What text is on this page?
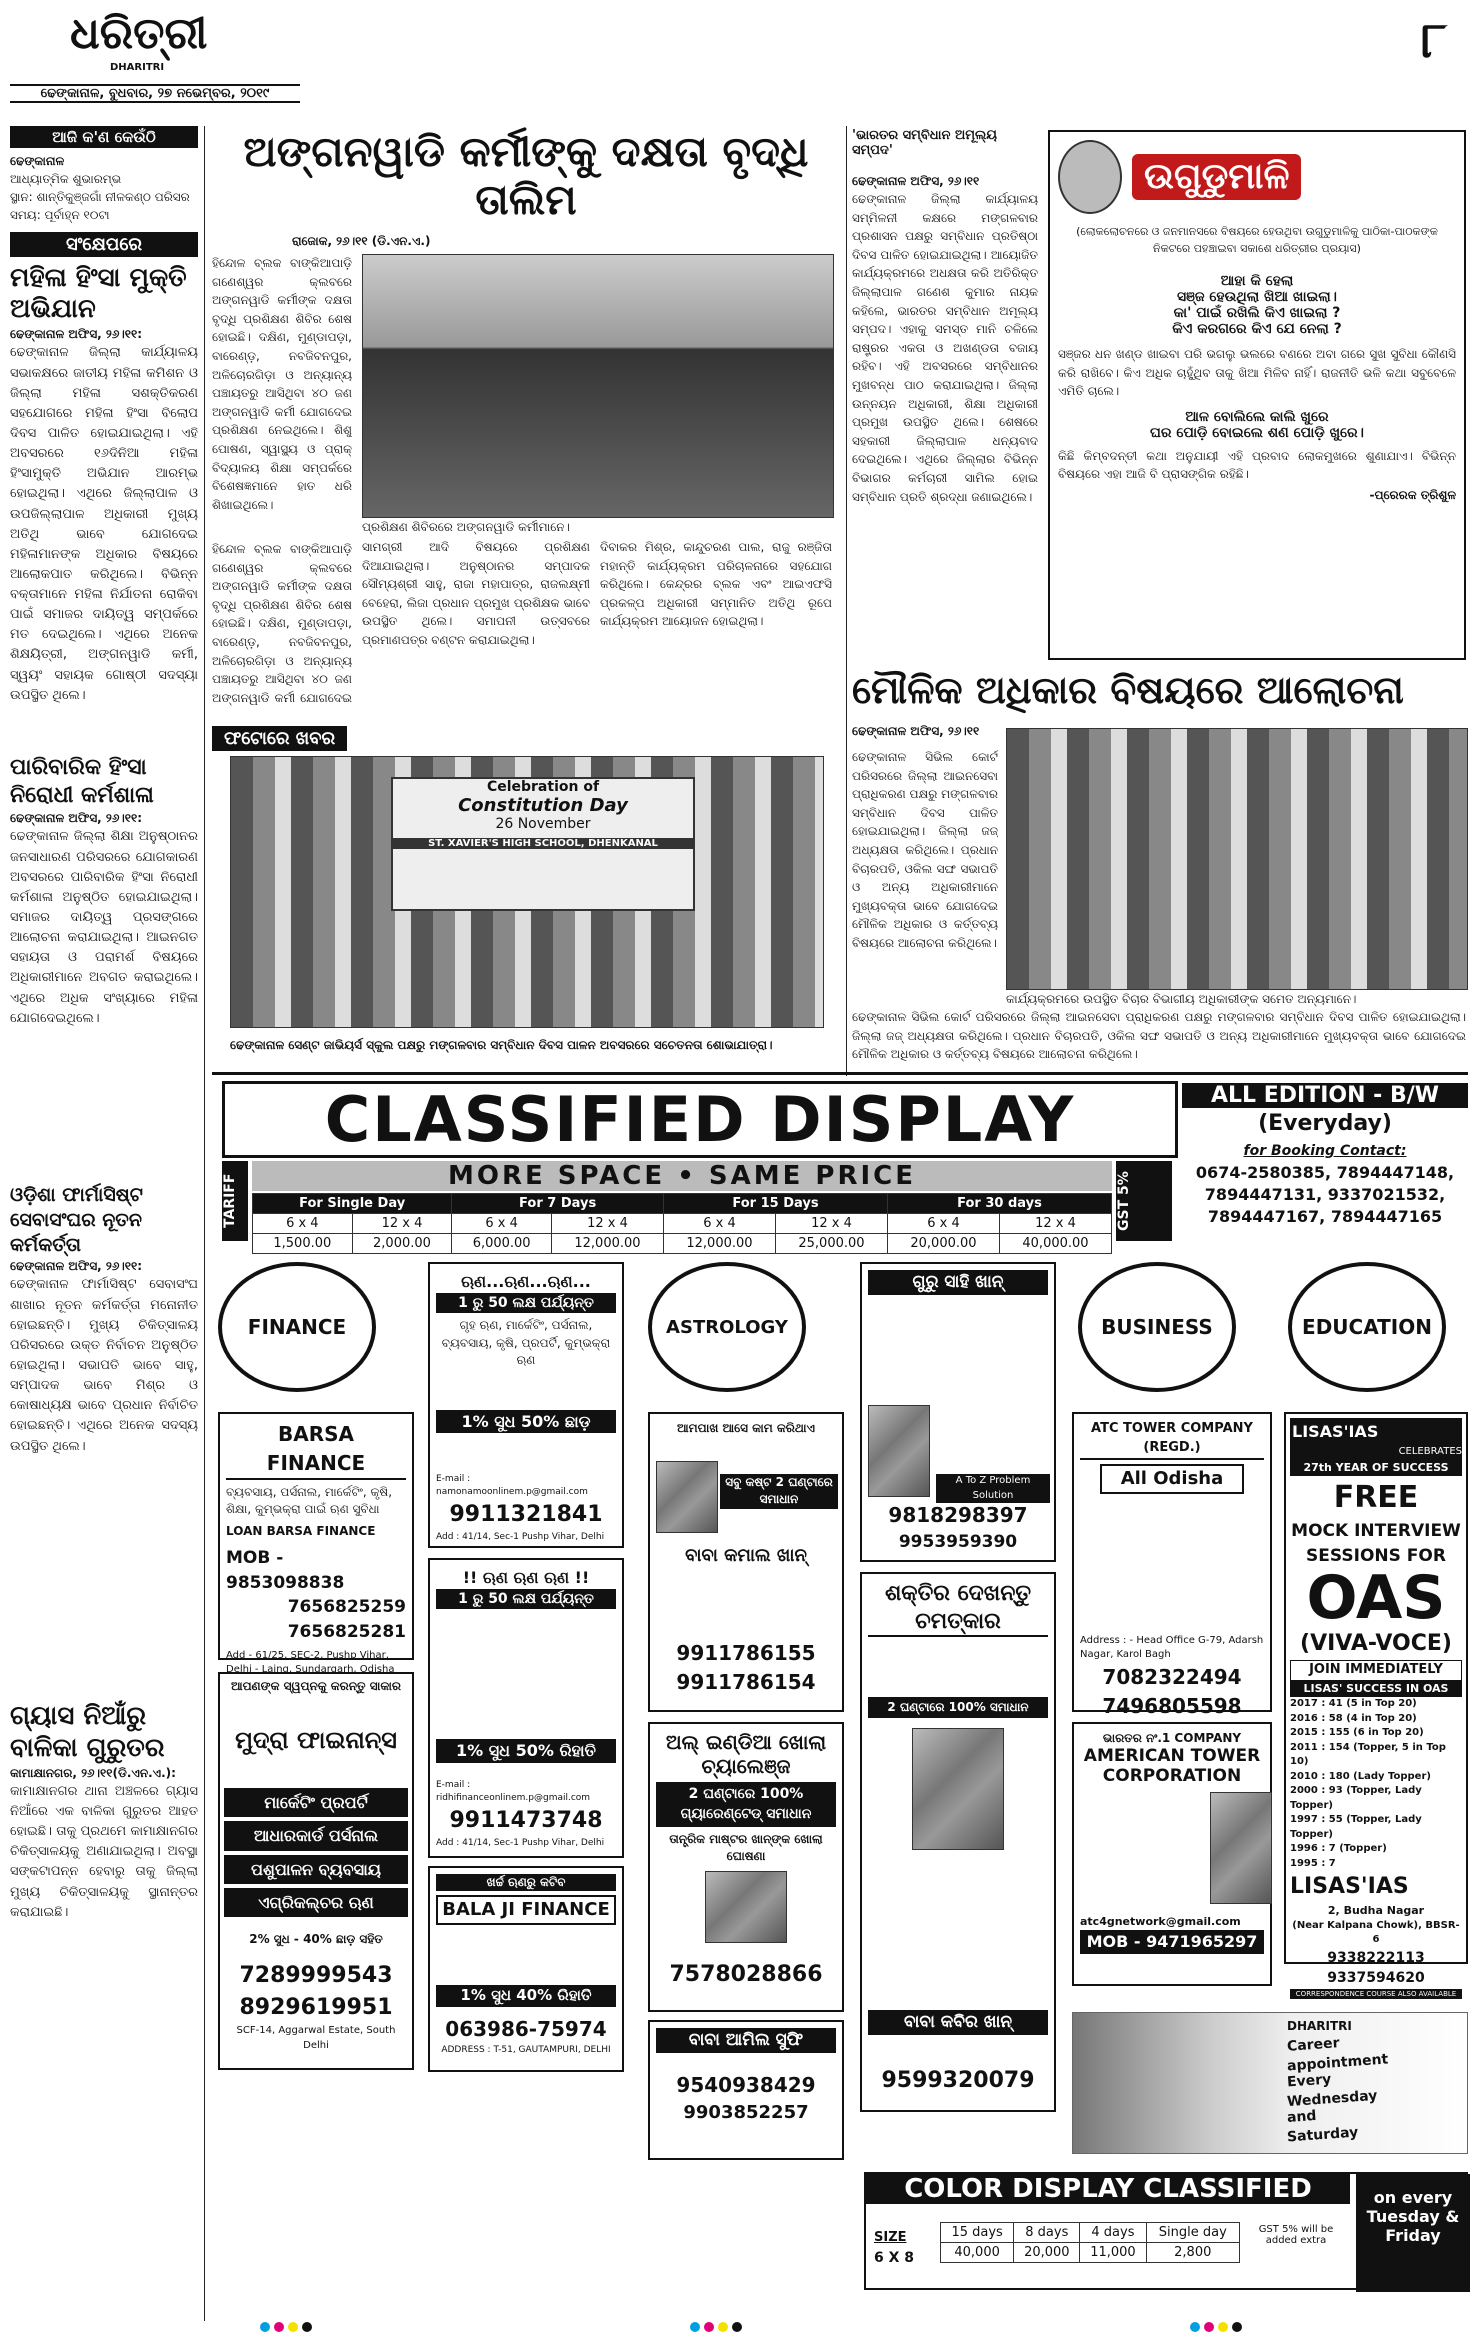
ଧରିତ୍ରୀ
DHARITRI
ଢେଙ୍କାନାଳ, ବୁଧବାର, ୨୭ ନଭେମ୍ବର, ୨୦୧୯
୮
ଆଜି କ'ଣ କେଉଁଠି
ଢେଙ୍କାନାଳ
ଆଧ୍ୟାତ୍ମିକ ଶୁଭାରମ୍ଭ
ସ୍ଥାନ: ଶାନ୍ତିକୁଞ୍ଜଗାଁ ନୀଳକଣ୍ଠ ପରିସର
ସମୟ: ପୂର୍ବାହ୍ନ ୧୦ଟା
ସଂକ୍ଷେପରେ
ମହିଳା ହିଂସା ମୁକ୍ତି ଅଭିଯାନ
ଢେଙ୍କାନାଳ ଅଫିସ, ୨୬।୧୧:
ଢେଙ୍କାନାଳ ଜିଲ୍ଲା କାର୍ଯ୍ୟାଳୟ ସଭାକକ୍ଷରେ ଜାତୀୟ ମହିଳା କମିଶନ ଓ ଜିଲ୍ଲା ମହିଳା ସଶକ୍ତିକରଣ ସହଯୋଗରେ ମହିଳା ହିଂସା ବିଲୋପ ଦିବସ ପାଳିତ ହୋଇଯାଇଥିଲା। ଏହି ଅବସରରେ ୧୬ଦିନିଆ ମହିଳା ହିଂସାମୁକ୍ତି ଅଭିଯାନ ଆରମ୍ଭ ହୋଇଥିଲା। ଏଥିରେ ଜିଲ୍ଲାପାଳ ଓ ଉପଜିଲ୍ଲାପାଳ ଅଧିକାରୀ ମୁଖ୍ୟ ଅତିଥି ଭାବେ ଯୋଗଦେଇ ମହିଳାମାନଙ୍କ ଅଧିକାର ବିଷୟରେ ଆଲୋକପାତ କରିଥିଲେ। ବିଭିନ୍ନ ବକ୍ତାମାନେ ମହିଳା ନିର୍ଯାତନା ରୋକିବା ପାଇଁ ସମାଜର ଦାୟିତ୍ୱ ସମ୍ପର୍କରେ ମତ ଦେଇଥିଲେ। ଏଥିରେ ଅନେକ ଶିକ୍ଷୟିତ୍ରୀ, ଅଙ୍ଗନୱାଡି କର୍ମୀ, ସ୍ୱୟଂ ସହାୟକ ଗୋଷ୍ଠୀ ସଦସ୍ୟା ଉପସ୍ଥିତ ଥିଲେ।
ପାରିବାରିକ ହିଂସା ନିରୋଧୀ କର୍ମଶାଳା
ଢେଙ୍କାନାଳ ଅଫିସ, ୨୬।୧୧:
ଢେଙ୍କାନାଳ ଜିଲ୍ଲା ଶିକ୍ଷା ଅନୁଷ୍ଠାନର ଜନସାଧାରଣ ପରିସରରେ ଯୋଗକାରଣ ଅବସରରେ ପାରିବାରିକ ହିଂସା ନିରୋଧୀ କର୍ମଶାଳା ଅନୁଷ୍ଠିତ ହୋଇଯାଇଥିଲା। ସମାଜର ଦାୟିତ୍ୱ ପ୍ରସଙ୍ଗରେ ଆଲୋଚନା କରାଯାଇଥିଲା। ଆଇନଗତ ସହାୟତା ଓ ପରାମର୍ଶ ବିଷୟରେ ଅଧିକାରୀମାନେ ଅବଗତ କରାଇଥିଲେ। ଏଥିରେ ଅଧିକ ସଂଖ୍ୟାରେ ମହିଳା ଯୋଗଦେଇଥିଲେ।
ଓଡ଼ିଶା ଫାର୍ମାସିଷ୍ଟ ସେବାସଂଘର ନୂତନ କର୍ମକର୍ତ୍ତା
ଢେଙ୍କାନାଳ ଅଫିସ, ୨୬।୧୧:
ଢେଙ୍କାନାଳ ଫାର୍ମାସିଷ୍ଟ ସେବାସଂଘ ଶାଖାର ନୂତନ କର୍ମକର୍ତ୍ତା ମନୋନୀତ ହୋଇଛନ୍ତି। ମୁଖ୍ୟ ଚିକିତ୍ସାଳୟ ପରିସରରେ ଉକ୍ତ ନିର୍ବାଚନ ଅନୁଷ୍ଠିତ ହୋଇଥିଲା। ସଭାପତି ଭାବେ ସାହୁ, ସମ୍ପାଦକ ଭାବେ ମିଶ୍ର ଓ କୋଷାଧ୍ୟକ୍ଷ ଭାବେ ପ୍ରଧାନ ନିର୍ବାଚିତ ହୋଇଛନ୍ତି। ଏଥିରେ ଅନେକ ସଦସ୍ୟ ଉପସ୍ଥିତ ଥିଲେ।
ଗ୍ୟାସ ନିଆଁରୁ ବାଳିକା ଗୁରୁତର
କାମାକ୍ଷାନଗର, ୨୬।୧୧(ଡି.ଏନ.ଏ.):
କାମାକ୍ଷାନଗର ଥାନା ଅଞ୍ଚଳରେ ଗ୍ୟାସ ନିଆଁରେ ଏକ ବାଳିକା ଗୁରୁତର ଆହତ ହୋଇଛି। ତାକୁ ପ୍ରଥମେ କାମାକ୍ଷାନଗର ଚିକିତ୍ସାଳୟକୁ ଅଣାଯାଇଥିଲା। ଅବସ୍ଥା ସଙ୍କଟାପନ୍ନ ହେବାରୁ ତାକୁ ଜିଲ୍ଲା ମୁଖ୍ୟ ଚିକିତ୍ସାଳୟକୁ ସ୍ଥାନାନ୍ତର କରାଯାଇଛି।
ଅଙ୍ଗନୱାଡି କର୍ମୀଙ୍କୁ ଦକ୍ଷତା ବୃଦ୍ଧି ତାଲିମ
ରାଜୋକ, ୨୬।୧୧ (ଡି.ଏନ.ଏ.)
ହିନ୍ଦୋଳ ବ୍ଲକ ବାଙ୍କିଆପାଡ଼ି ଗଣେଶ୍ୱର କ୍ଲବରେ ଅଙ୍ଗନୱାଡି କର୍ମୀଙ୍କ ଦକ୍ଷତା ବୃଦ୍ଧି ପ୍ରଶିକ୍ଷଣ ଶିବିର ଶେଷ ହୋଇଛି। ଦକ୍ଷିଣ, ମୁଣ୍ଡାପଡ଼ା, ବାରେଣ୍ଡ଼, ନବଜିବନପୁର, ଅଳିଚୋରଗିଡ଼ା ଓ ଅନ୍ୟାନ୍ୟ ପଞ୍ଚାୟତରୁ ଆସିଥିବା ୪୦ ଜଣ ଅଙ୍ଗନୱାଡି କର୍ମୀ ଯୋଗଦେଇ ପ୍ରଶିକ୍ଷଣ ନେଇଥିଲେ। ଶିଶୁ ପୋଷଣ, ସ୍ୱାସ୍ଥ୍ୟ ଓ ପ୍ରାକ୍ ବିଦ୍ୟାଳୟ ଶିକ୍ଷା ସମ୍ପର୍କରେ ବିଶେଷଜ୍ଞମାନେ ହାତ ଧରି ଶିଖାଇଥିଲେ।
ପ୍ରଶିକ୍ଷଣ ଶିବିରରେ ଅଙ୍ଗନୱାଡି କର୍ମୀମାନେ।
ସାମଗ୍ରୀ ଆଦି ବିଷୟରେ ପ୍ରଶିକ୍ଷଣ ଦିଆଯାଇଥିଲା। ଅନୁଷ୍ଠାନର ସମ୍ପାଦକ ସୌମ୍ୟଶ୍ରୀ ସାହୁ, ରାଜା ମହାପାତ୍ର, ରାଜଲକ୍ଷ୍ମୀ ବେହେରା, ଲିଜା ପ୍ରଧାନ ପ୍ରମୁଖ ପ୍ରଶିକ୍ଷକ ଭାବେ ଉପସ୍ଥିତ ଥିଲେ। ସମାପନୀ ଉତ୍ସବରେ ପ୍ରମାଣପତ୍ର ବଣ୍ଟନ କରାଯାଇଥିଲା।
ଦିବାକର ମିଶ୍ର, କାନ୍ଦୁଚରଣ ପାଲ, ରାଜୁ ରଞ୍ଜିତା ମହାନ୍ତି କାର୍ଯ୍ୟକ୍ରମ ପରିଚାଳନାରେ ସହଯୋଗ କରିଥିଲେ। କେନ୍ଦ୍ରର ବ୍ଲକ ଏବଂ ଆଇଏଫସି ପ୍ରକଳ୍ପ ଅଧିକାରୀ ସମ୍ମାନିତ ଅତିଥି ରୂପେ କାର୍ଯ୍ୟକ୍ରମ ଆୟୋଜନ ହୋଇଥିଲା।
ହିନ୍ଦୋଳ ବ୍ଲକ ବାଙ୍କିଆପାଡ଼ି ଗଣେଶ୍ୱର କ୍ଲବରେ ଅଙ୍ଗନୱାଡି କର୍ମୀଙ୍କ ଦକ୍ଷତା ବୃଦ୍ଧି ପ୍ରଶିକ୍ଷଣ ଶିବିର ଶେଷ ହୋଇଛି। ଦକ୍ଷିଣ, ମୁଣ୍ଡାପଡ଼ା, ବାରେଣ୍ଡ଼, ନବଜିବନପୁର, ଅଳିଚୋରଗିଡ଼ା ଓ ଅନ୍ୟାନ୍ୟ ପଞ୍ଚାୟତରୁ ଆସିଥିବା ୪୦ ଜଣ ଅଙ୍ଗନୱାଡି କର୍ମୀ ଯୋଗଦେଇ
ଫଟୋରେ ଖବର
Celebration of
Constitution Day
26 November
ST. XAVIER'S HIGH SCHOOL, DHENKANAL
ଢେଙ୍କାନାଳ ସେଣ୍ଟ ଜାଭିୟର୍ସ ସ୍କୁଲ ପକ୍ଷରୁ ମଙ୍ଗଳବାର ସମ୍ବିଧାନ ଦିବସ ପାଳନ ଅବସରରେ ସଚେତନତା ଶୋଭାଯାତ୍ରା।
'ଭାରତର ସମ୍ବିଧାନ ଅମୂଲ୍ୟ ସମ୍ପଦ'
ଢେଙ୍କାନାଳ ଅଫିସ, ୨୬।୧୧
ଢେଙ୍କାନାଳ ଜିଲ୍ଲା କାର୍ଯ୍ୟାଳୟ ସମ୍ମିଳନୀ କକ୍ଷରେ ମଙ୍ଗଳବାର ପ୍ରଶାସନ ପକ୍ଷରୁ ସମ୍ବିଧାନ ପ୍ରତିଷ୍ଠା ଦିବସ ପାଳିତ ହୋଇଯାଇଥିଲା। ଆୟୋଜିତ କାର୍ଯ୍ୟକ୍ରମରେ ଅଧକ୍ଷତା କରି ଅତିରିକ୍ତ ଜିଲ୍ଲାପାଳ ଗଣେଶ କୁମାର ନାୟକ କହିଲେ, ଭାରତର ସମ୍ବିଧାନ ଅମୂଲ୍ୟ ସମ୍ପଦ। ଏହାକୁ ସମସ୍ତ ମାନି ଚଳିଲେ ରାଷ୍ଟ୍ରର ଏକତା ଓ ଅଖଣ୍ଡତା ବଜାୟ ରହିବ। ଏହି ଅବସରରେ ସମ୍ବିଧାନର ମୁଖବନ୍ଧ ପାଠ କରାଯାଇଥିଲା। ଜିଲ୍ଲା ଉନ୍ନୟନ ଅଧିକାରୀ, ଶିକ୍ଷା ଅଧିକାରୀ ପ୍ରମୁଖ ଉପସ୍ଥିତ ଥିଲେ। ଶେଷରେ ସହକାରୀ ଜିଲ୍ଲାପାଳ ଧନ୍ୟବାଦ ଦେଇଥିଲେ। ଏଥିରେ ଜିଲ୍ଲାର ବିଭିନ୍ନ ବିଭାଗର କର୍ମଚାରୀ ସାମିଲ ହୋଇ ସମ୍ବିଧାନ ପ୍ରତି ଶ୍ରଦ୍ଧା ଜଣାଇଥିଲେ।
ଉଗୁଡୁମାଳି
(ଲୋକଲୋଚନରେ ଓ ଜନମାନସରେ ବିଷୟରେ ହେଉଥିବା ଉଗୁଡୁମାଳିକୁ ପାଠିକା-ପାଠକଙ୍କ ନିକଟରେ ପହଞ୍ଚାଇବା ସକାଶେ ଧରିତ୍ରୀର ପ୍ରୟାସ)
ଆହା କି ହେଲା
ସଞ୍ଜ ହେଉଥିଲା ଖିଆ ଖାଇଲା।
କା' ପାଇଁ ରଖିଲି କିଏ ଖାଇଲା ?
କିଏ କରଗରେ କିଏ ଯେ ନେଲା ?
ସଞ୍ଜର ଧନ ଖଣ୍ଡ ଖାଇବା ପରି ଭଗଲୁ ଭଲରେ ବଣରେ ଅବା ଗରେ ସୁଖ ସୁବିଧା କୌଣସି କରି ରାଖିବେ। କିଏ ଅଧିକ ଚାହୁଁଥିବ ତାକୁ ଖିଆ ମିଳିବ ନାହିଁ। ରାଜନୀତି ଭଳି କଥା ସବୁବେଳେ ଏମିତି ଚାଲେ।
ଆଳ ବୋଲିଲେ କାଲି ଖୁରେ
ଘର ପୋଡ଼ି ବୋଇଲେ ଶଣ ପୋଡ଼ି ଖୁରେ।
କିଛି କିମ୍ବଦନ୍ତୀ କଥା ଅନୁଯାୟୀ ଏହି ପ୍ରବାଦ ଲୋକମୁଖରେ ଶୁଣାଯାଏ। ବିଭିନ୍ନ ବିଷୟରେ ଏହା ଆଜି ବି ପ୍ରାସଙ୍ଗିକ ରହିଛି।
-ପ୍ରେରକ ତ୍ରିଶୁଳ
ମୌଳିକ ଅଧିକାର ବିଷୟରେ ଆଲୋଚନା
ଢେଙ୍କାନାଳ ଅଫିସ, ୨୬।୧୧
ଢେଙ୍କାନାଳ ସିଭିଲ କୋର୍ଟ ପରିସରରେ ଜିଲ୍ଲା ଆଇନସେବା ପ୍ରାଧିକରଣ ପକ୍ଷରୁ ମଙ୍ଗଳବାର ସମ୍ବିଧାନ ଦିବସ ପାଳିତ ହୋଇଯାଇଥିଲା। ଜିଲ୍ଲା ଜଜ୍ ଅଧ୍ୟକ୍ଷତା କରିଥିଲେ। ପ୍ରଧାନ ବିଚାରପତି, ଓକିଲ ସଙ୍ଘ ସଭାପତି ଓ ଅନ୍ୟ ଅଧିକାରୀମାନେ ମୁଖ୍ୟବକ୍ତା ଭାବେ ଯୋଗଦେଇ ମୌଳିକ ଅଧିକାର ଓ କର୍ତ୍ତବ୍ୟ ବିଷୟରେ ଆଲୋଚନା କରିଥିଲେ।
କାର୍ଯ୍ୟକ୍ରମରେ ଉପସ୍ଥିତ ବିଚାର ବିଭାଗୀୟ ଅଧିକାରୀଙ୍କ ସମେତ ଅନ୍ୟମାନେ।
ଢେଙ୍କାନାଳ ସିଭିଲ କୋର୍ଟ ପରିସରରେ ଜିଲ୍ଲା ଆଇନସେବା ପ୍ରାଧିକରଣ ପକ୍ଷରୁ ମଙ୍ଗଳବାର ସମ୍ବିଧାନ ଦିବସ ପାଳିତ ହୋଇଯାଇଥିଲା। ଜିଲ୍ଲା ଜଜ୍ ଅଧ୍ୟକ୍ଷତା କରିଥିଲେ। ପ୍ରଧାନ ବିଚାରପତି, ଓକିଲ ସଙ୍ଘ ସଭାପତି ଓ ଅନ୍ୟ ଅଧିକାରୀମାନେ ମୁଖ୍ୟବକ୍ତା ଭାବେ ଯୋଗଦେଇ ମୌଳିକ ଅଧିକାର ଓ କର୍ତ୍ତବ୍ୟ ବିଷୟରେ ଆଲୋଚନା କରିଥିଲେ।
CLASSIFIED DISPLAY	ALL EDITION - B/W
(Everyday)
for Booking Contact:
0674-2580385, 7894447148,
7894447131, 9337021532,
7894447167, 7894447165
TARIFF	MORE SPACE • SAME PRICE	GST 5%
For Single Day		For 7 Days		For 15 Days		For 30 days	
6 x 4	12 x 4	6 x 4	12 x 4	6 x 4	12 x 4	6 x 4	12 x 4
1,500.00	2,000.00	6,000.00	12,000.00	12,000.00	25,000.00	20,000.00	40,000.00
FINANCE	ASTROLOGY	BUSINESS	EDUCATION
BARSA FINANCE
ବ୍ୟବସାୟ, ପର୍ସନାଲ, ମାର୍କେଟିଂ, କୃଷି, ଶିକ୍ଷା, କୁମ୍ଭକ୍ରା ପାଇଁ ଋଣ ସୁବିଧା
LOAN BARSA FINANCE
MOB - 9853098838
7656825259
7656825281
Add - 61/25, SEC-2, Pushp Vihar, Delhi - Laing, Sundargarh, Odisha
ଆପଣଙ୍କ ସ୍ୱପ୍ନକୁ କରନ୍ତୁ ସାକାର
ମୁଦ୍ରା ଫାଇନାନ୍ସ
ମାର୍କେଟିଂ ପ୍ରପର୍ଟି
ଆଧାରକାର୍ଡ ପର୍ସନାଲ
ପଶୁପାଳନ ବ୍ୟବସାୟ
ଏଗ୍ରିକଲ୍ଚର ଋଣ
2% ସୁଧ - 40% ଛାଡ଼ ସହିତ
7289999543
8929619951
SCF-14, Aggarwal Estate, South Delhi
ଋଣ...ଋଣ...ଋଣ...
1 ରୁ 50 ଲକ୍ଷ ପର୍ଯ୍ୟନ୍ତ
ଗୃହ ଋଣ, ମାର୍କେଟିଂ, ପର୍ସନାଲ, ବ୍ୟବସାୟ, କୃଷି, ପ୍ରପର୍ଟି, କୁମ୍ଭକ୍ରା ଋଣ
1% ସୁଧ 50% ଛାଡ଼
E-mail : namonamoonlinem.p@gmail.com
9911321841
Add : 41/14, Sec-1 Pushp Vihar, Delhi
!! ଋଣ ଋଣ ଋଣ !!
1 ରୁ 50 ଲକ୍ଷ ପର୍ଯ୍ୟନ୍ତ
1% ସୁଧ 50% ରିହାତି
E-mail : ridhifinanceonlinem.p@gmail.com
9911473748
Add : 41/14, Sec-1 Pushp Vihar, Delhi
ଖର୍ଚ୍ଚ ଋଣରୁ କଟିବ
BALA JI FINANCE
1% ସୁଧ 40% ରିହାତି
063986-75974
ADDRESS : T-51, GAUTAMPURI, DELHI
ଆମପାଖ ଆସେ କାମ କରିଥାଏ
ସବୁ କଷ୍ଟ 2 ଘଣ୍ଟାରେ ସମାଧାନ
ବାବା କମାଲ ଖାନ୍
9911786155
9911786154
ଅଲ୍ ଇଣ୍ଡିଆ ଖୋଲା ଚ୍ୟାଲେଞ୍ଜ
2 ଘଣ୍ଟାରେ 100% ଗ୍ୟାରେଣ୍ଟେଡ୍ ସମାଧାନ
ତାନ୍ତ୍ରିକ ମାଷ୍ଟର ଖାନ୍ଙ୍କ ଖୋଲା ଘୋଷଣା
7578028866
ବାବା ଆମିଲ ସୁଫି
9540938429
9903852257
ଗୁରୁ ସାହି ଖାନ୍
A To Z Problem Solution
9818298397
9953959390
ଶକ୍ତିର ଦେଖନ୍ତୁ ଚମତ୍କାର
2 ଘଣ୍ଟାରେ 100% ସମାଧାନ
ବାବା କବିର ଖାନ୍
9599320079
ATC TOWER COMPANY (REGD.)
All Odisha
Address : - Head Office G-79, Adarsh Nagar, Karol Bagh
7082322494
7496805598
ଭାରତର ନଂ.1 COMPANY
AMERICAN TOWER CORPORATION
atc4gnetwork@gmail.com
MOB - 9471965297
LISAS'IAS
CELEBRATES
27th YEAR OF SUCCESS
FREE
MOCK INTERVIEW
SESSIONS FOR
OAS
(VIVA-VOCE)
JOIN IMMEDIATELY
LISAS' SUCCESS IN OAS
2017 : 41 (5 in Top 20)
2016 : 58 (4 in Top 20)
2015 : 155 (6 in Top 20)
2011 : 154 (Topper, 5 in Top 10)
2010 : 180 (Lady Topper)
2000 : 93 (Topper, Lady Topper)
1997 : 55 (Topper, Lady Topper)
1996 : 7 (Topper)
1995 : 7
LISAS'IAS
2, Budha Nagar
(Near Kalpana Chowk), BBSR-6
9338222113
9337594620
CORRESPONDENCE COURSE ALSO AVAILABLE
DHARITRI
Career
appointment
Every
Wednesday
and
Saturday
COLOR DISPLAY CLASSIFIED
SIZE
6 X 8
15 days	8 days	4 days	Single day
40,000	20,000	11,000	2,800
GST 5% will be added extra
on every Tuesday & Friday
